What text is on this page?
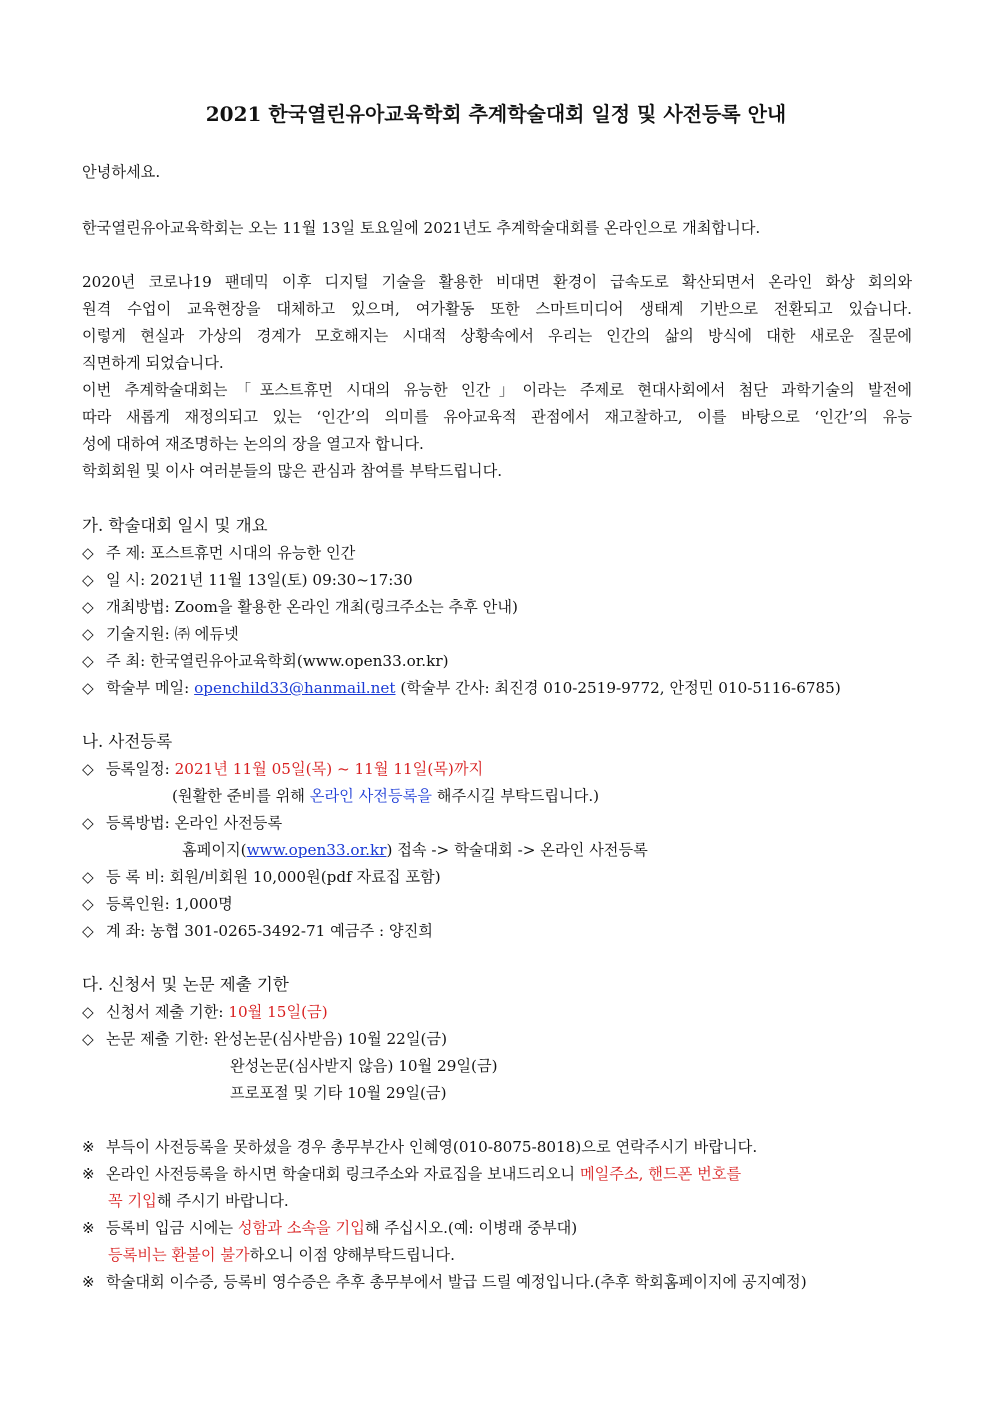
2021 한국열린유아교육학회 추계학술대회 일정 및 사전등록 안내
안녕하세요.
한국열린유아교육학회는 오는 11월 13일 토요일에 2021년도 추계학술대회를 온라인으로 개최합니다.
2020년 코로나19 팬데믹 이후 디지털 기술을 활용한 비대면 환경이 급속도로 확산되면서 온라인 화상 회의와
원격 수업이 교육현장을 대체하고 있으며, 여가활동 또한 스마트미디어 생태계 기반으로 전환되고 있습니다.
이렇게 현실과 가상의 경계가 모호해지는 시대적 상황속에서 우리는 인간의 삶의 방식에 대한 새로운 질문에
직면하게 되었습니다.
이번 추계학술대회는「포스트휴먼 시대의 유능한 인간」이라는 주제로 현대사회에서 첨단 과학기술의 발전에
따라 새롭게 재정의되고 있는 ‘인간’의 의미를 유아교육적 관점에서 재고찰하고, 이를 바탕으로 ‘인간’의 유능
성에 대하여 재조명하는 논의의 장을 열고자 합니다.
학회회원 및 이사 여러분들의 많은 관심과 참여를 부탁드립니다.
가. 학술대회 일시 및 개요
◇ 주 제: 포스트휴먼 시대의 유능한 인간
◇ 일 시: 2021년 11월 13일(토) 09:30~17:30
◇ 개최방법: Zoom을 활용한 온라인 개최(링크주소는 추후 안내)
◇ 기술지원: ㈜ 에듀넷
◇ 주 최: 한국열린유아교육학회(www.open33.or.kr)
◇ 학술부 메일: openchild33@hanmail.net (학술부 간사: 최진경 010-2519-9772, 안정민 010-5116-6785)
나. 사전등록
◇ 등록일정: 2021년 11월 05일(목) ~ 11월 11일(목)까지
(원활한 준비를 위해 온라인 사전등록을 해주시길 부탁드립니다.)
◇ 등록방법: 온라인 사전등록
홈페이지(www.open33.or.kr) 접속 -> 학술대회 -> 온라인 사전등록
◇ 등 록 비: 회원/비회원 10,000원(pdf 자료집 포함)
◇ 등록인원: 1,000명
◇ 계 좌: 농협 301-0265-3492-71 예금주 : 양진희
다. 신청서 및 논문 제출 기한
◇ 신청서 제출 기한: 10월 15일(금)
◇ 논문 제출 기한: 완성논문(심사받음) 10월 22일(금)
완성논문(심사받지 않음) 10월 29일(금)
프로포절 및 기타 10월 29일(금)
※ 부득이 사전등록을 못하셨을 경우 총무부간사 인혜영(010-8075-8018)으로 연락주시기 바랍니다.
※ 온라인 사전등록을 하시면 학술대회 링크주소와 자료집을 보내드리오니 메일주소, 핸드폰 번호를
꼭 기입해 주시기 바랍니다.
※ 등록비 입금 시에는 성함과 소속을 기입해 주십시오.(예: 이병래 중부대)
등록비는 환불이 불가하오니 이점 양해부탁드립니다.
※ 학술대회 이수증, 등록비 영수증은 추후 총무부에서 발급 드릴 예정입니다.(추후 학회홈페이지에 공지예정)
